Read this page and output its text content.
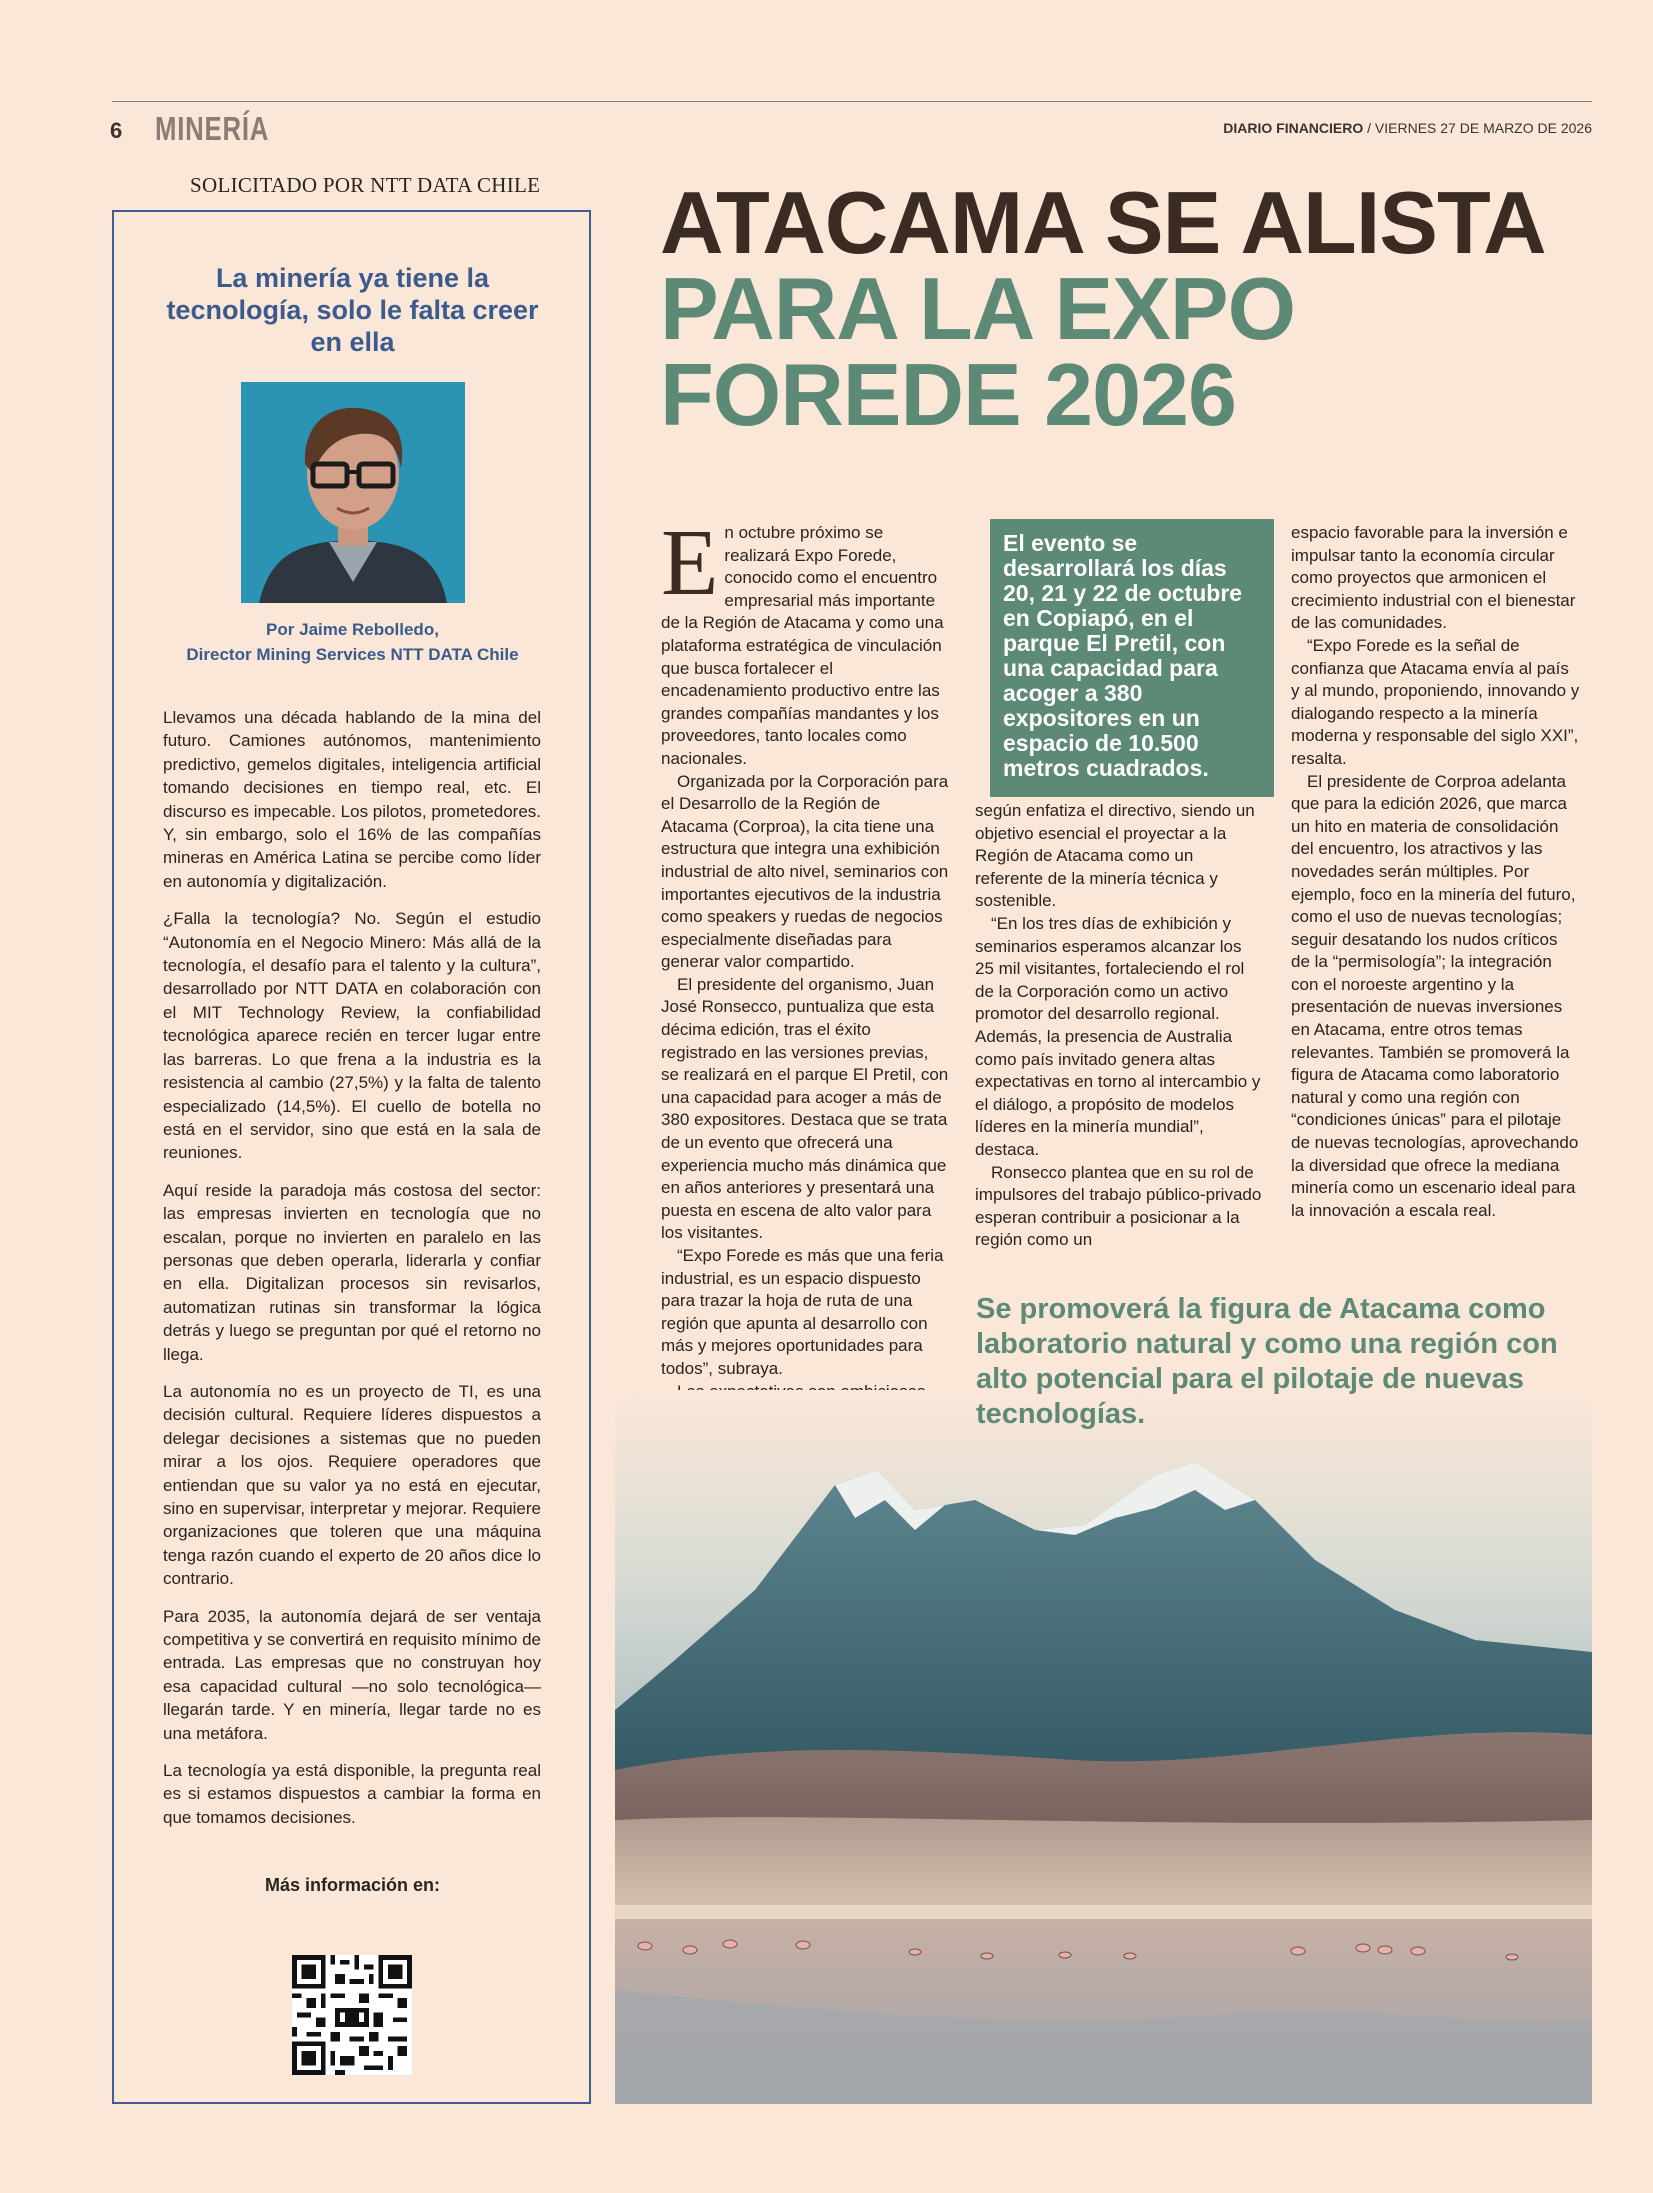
6 MINERÍA	DIARIO FINANCIERO / VIERNES 27 DE MARZO DE 2026
SOLICITADO POR NTT DATA CHILE
La minería ya tiene la tecnología, solo le falta creer en ella
Por Jaime Rebolledo,
Director Mining Services NTT DATA Chile

Llevamos una década hablando de la mina del futuro. Camiones autónomos, mantenimiento predictivo, gemelos digitales, inteligencia artificial tomando decisiones en tiempo real, etc. El discurso es impecable. Los pilotos, prometedores. Y, sin embargo, solo el 16% de las compañías mineras en América Latina se percibe como líder en autonomía y digitalización.

¿Falla la tecnología? No. Según el estudio “Autonomía en el Negocio Minero: Más allá de la tecnología, el desafío para el talento y la cultura”, desarrollado por NTT DATA en colaboración con el MIT Technology Review, la confiabilidad tecnológica aparece recién en tercer lugar entre las barreras. Lo que frena a la industria es la resistencia al cambio (27,5%) y la falta de talento especializado (14,5%). El cuello de botella no está en el servidor, sino que está en la sala de reuniones.

Aquí reside la paradoja más costosa del sector: las empresas invierten en tecnología que no escalan, porque no invierten en paralelo en las personas que deben operarla, liderarla y confiar en ella. Digitalizan procesos sin revisarlos, automatizan rutinas sin transformar la lógica detrás y luego se preguntan por qué el retorno no llega.

La autonomía no es un proyecto de TI, es una decisión cultural. Requiere líderes dispuestos a delegar decisiones a sistemas que no pueden mirar a los ojos. Requiere operadores que entiendan que su valor ya no está en ejecutar, sino en supervisar, interpretar y mejorar. Requiere organizaciones que toleren que una máquina tenga razón cuando el experto de 20 años dice lo contrario.

Para 2035, la autonomía dejará de ser ventaja competitiva y se convertirá en requisito mínimo de entrada. Las empresas que no construyan hoy esa capacidad cultural —no solo tecnológica— llegarán tarde. Y en minería, llegar tarde no es una metáfora.

La tecnología ya está disponible, la pregunta real es si estamos dispuestos a cambiar la forma en que tomamos decisiones.

Más información en:
ATACAMA SE ALISTA
PARA LA EXPO
FOREDE 2026

En octubre próximo se realizará Expo Forede, conocido como el encuentro empresarial más importante de la Región de Atacama y como una plataforma estratégica de vinculación que busca fortalecer el encadenamiento productivo entre las grandes compañías mandantes y los proveedores, tanto locales como nacionales.

Organizada por la Corporación para el Desarrollo de la Región de Atacama (Corproa), la cita tiene una estructura que integra una exhibición industrial de alto nivel, seminarios con importantes ejecutivos de la industria como speakers y ruedas de negocios especialmente diseñadas para generar valor compartido.

El presidente del organismo, Juan José Ronsecco, puntualiza que esta décima edición, tras el éxito registrado en las versiones previas, se realizará en el parque El Pretil, con una capacidad para acoger a más de 380 expositores. Destaca que se trata de un evento que ofrecerá una experiencia mucho más dinámica que en años anteriores y presentará una puesta en escena de alto valor para los visitantes.

“Expo Forede es más que una feria industrial, es un espacio dispuesto para trazar la hoja de ruta de una región que apunta al desarrollo con más y mejores oportunidades para todos”, subraya.

El evento se desarrollará los días 20, 21 y 22 de octubre en Copiapó, en el parque El Pretil, con una capacidad para acoger a 380 expositores en un espacio de 10.500 metros cuadrados.

según enfatiza el directivo, siendo un objetivo esencial el proyectar a la Región de Atacama como un referente de la minería técnica y sostenible.

“En los tres días de exhibición y seminarios esperamos alcanzar los 25 mil visitantes, fortaleciendo el rol de la Corporación como un activo promotor del desarrollo regional. Además, la presencia de Australia como país invitado genera altas expectativas en torno al intercambio y el diálogo, a propósito de modelos líderes en la minería mundial”, destaca.

Ronsecco plantea que en su rol de impulsores del trabajo público-privado esperan contribuir a posicionar a la región como un

espacio favorable para la inversión e impulsar tanto la economía circular como proyectos que armonicen el crecimiento industrial con el bienestar de las comunidades.

“Expo Forede es la señal de confianza que Atacama envía al país y al mundo, proponiendo, innovando y dialogando respecto a la minería moderna y responsable del siglo XXI”, resalta.

El presidente de Corproa adelanta que para la edición 2026, que marca un hito en materia de consolidación del encuentro, los atractivos y las novedades serán múltiples. Por ejemplo, foco en la minería del futuro, como el uso de nuevas tecnologías; seguir desatando los nudos críticos de la “permisología”; la integración con el noroeste argentino y la presentación de nuevas inversiones en Atacama, entre otros temas relevantes. También se promoverá la figura de Atacama como laboratorio natural y como una región con “condiciones únicas” para el pilotaje de nuevas tecnologías, aprovechando la diversidad que ofrece la mediana minería como un escenario ideal para la innovación a escala real.

Se promoverá la figura de Atacama como laboratorio natural y como una región con alto potencial para el pilotaje de nuevas tecnologías.
